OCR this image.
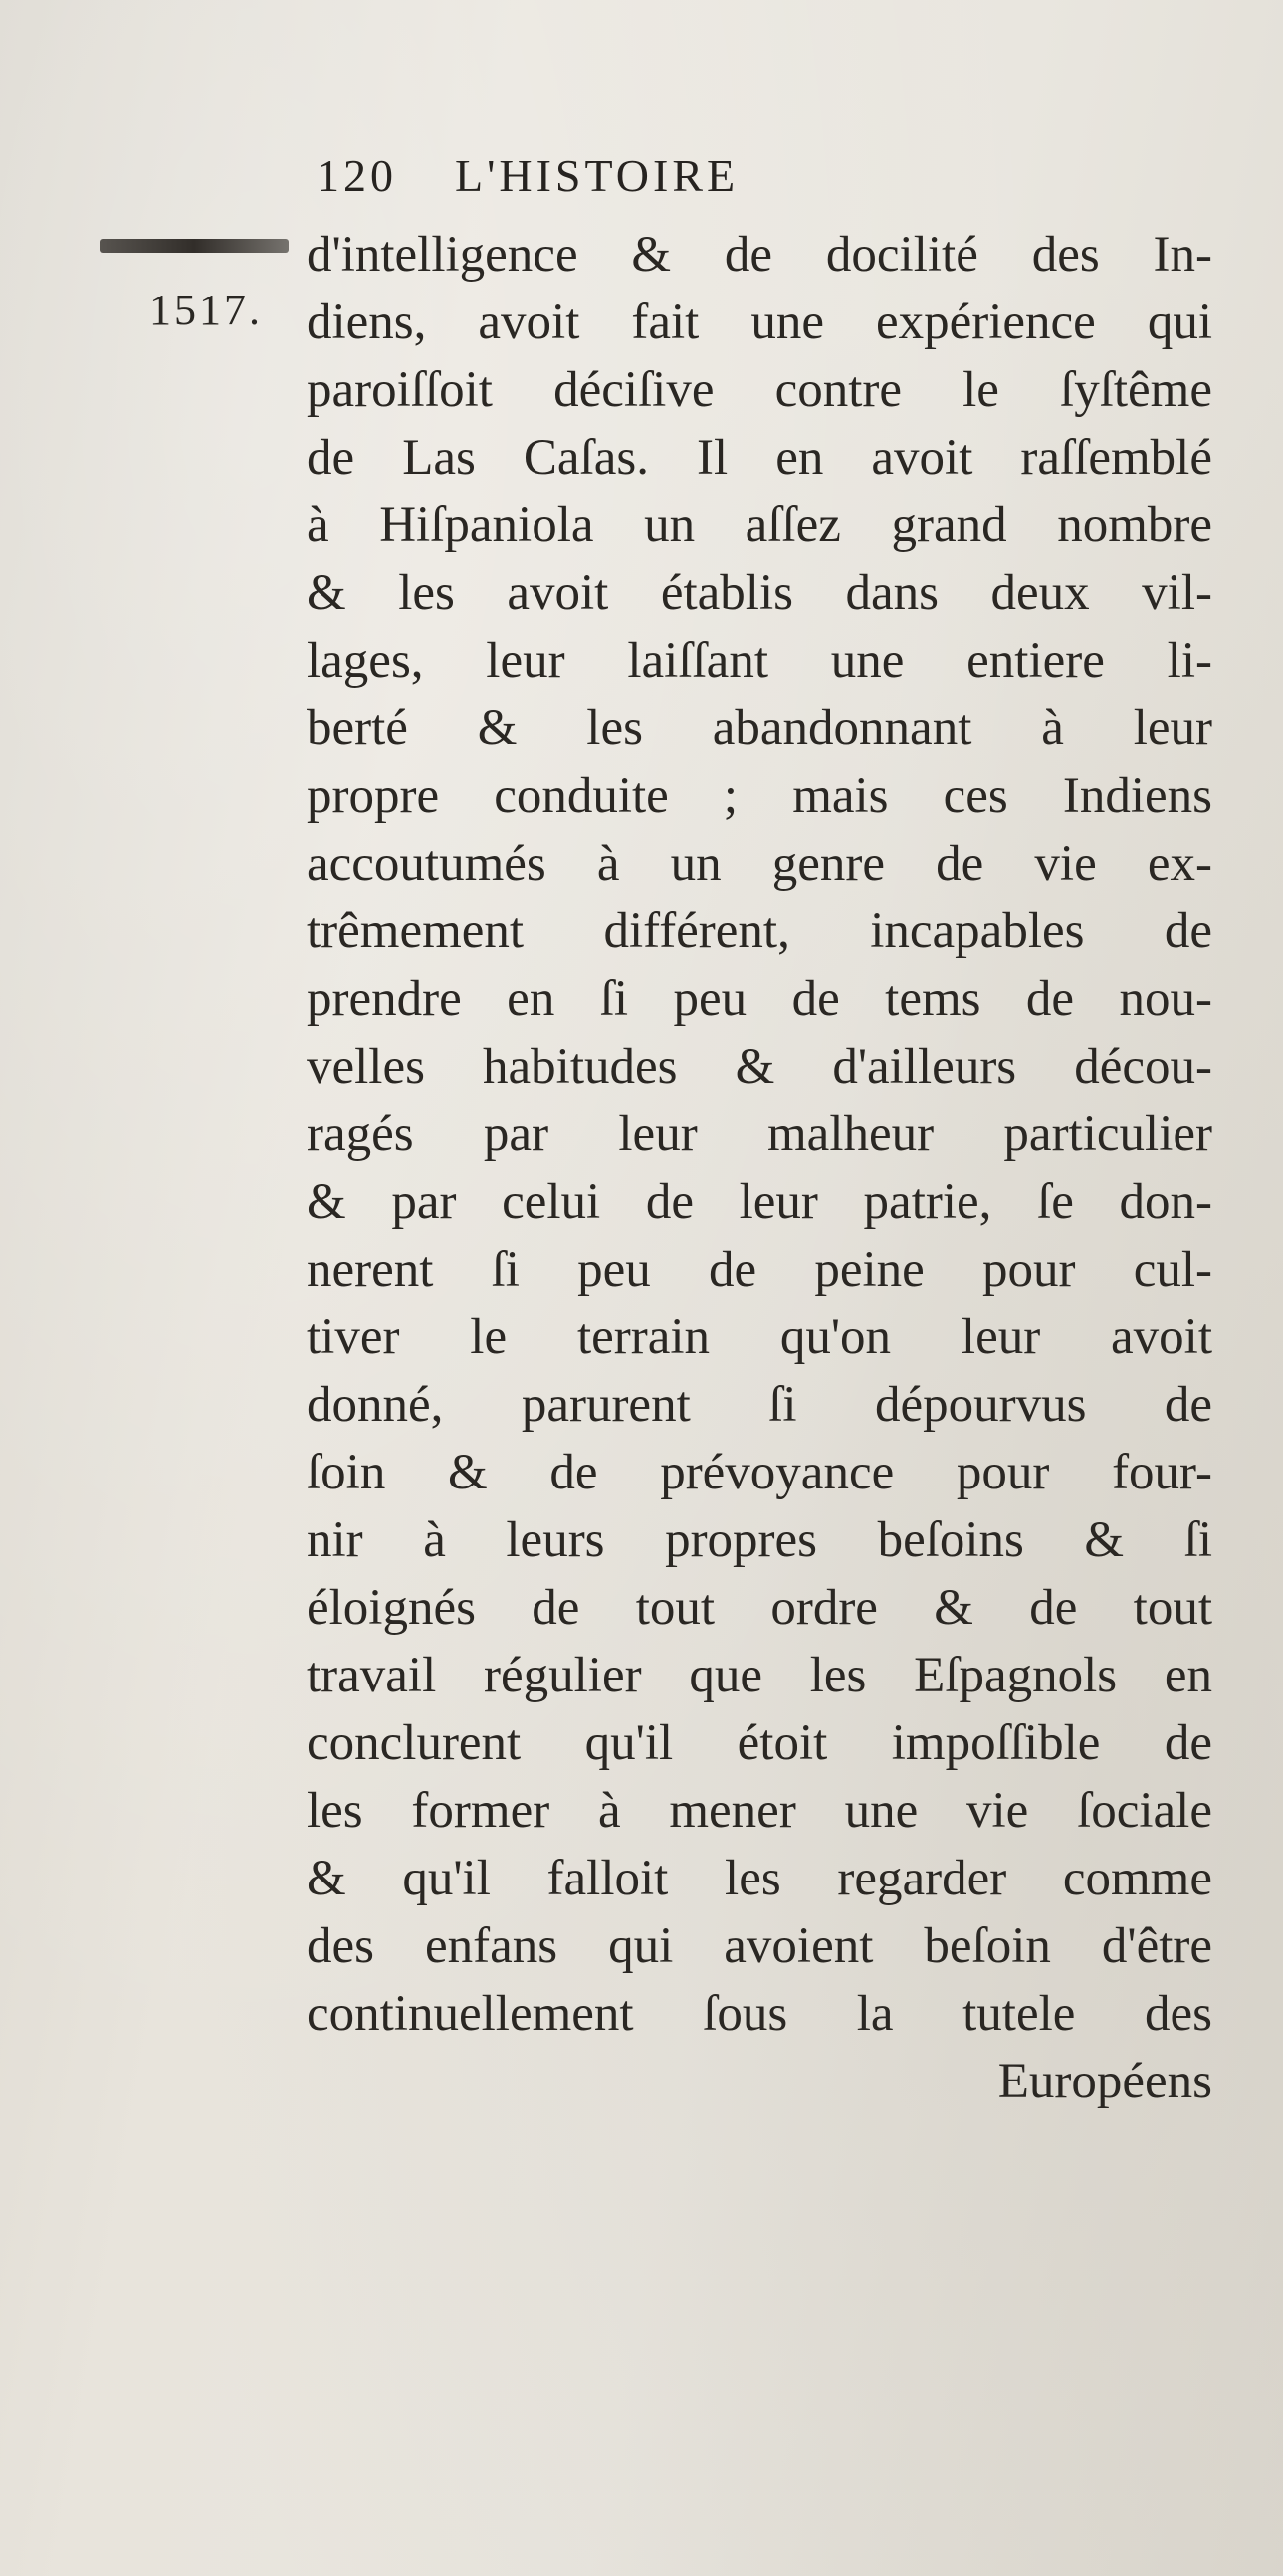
120 L'HISTOIRE
1517.
d'intelligence & de docilité des In-
diens, avoit fait une expérience qui
paroiſſoit déciſive contre le ſyſtême
de Las Caſas. Il en avoit raſſemblé
à Hiſpaniola un aſſez grand nombre
& les avoit établis dans deux vil-
lages, leur laiſſant une entiere li-
berté & les abandonnant à leur
propre conduite ; mais ces Indiens
accoutumés à un genre de vie ex-
trêmement différent, incapables de
prendre en ſi peu de tems de nou-
velles habitudes & d'ailleurs décou-
ragés par leur malheur particulier
& par celui de leur patrie, ſe don-
nerent ſi peu de peine pour cul-
tiver le terrain qu'on leur avoit
donné, parurent ſi dépourvus de
ſoin & de prévoyance pour four-
nir à leurs propres beſoins & ſi
éloignés de tout ordre & de tout
travail régulier que les Eſpagnols en
conclurent qu'il étoit impoſſible de
les former à mener une vie ſociale
& qu'il falloit les regarder comme
des enfans qui avoient beſoin d'être
continuellement ſous la tutele des
Européens
